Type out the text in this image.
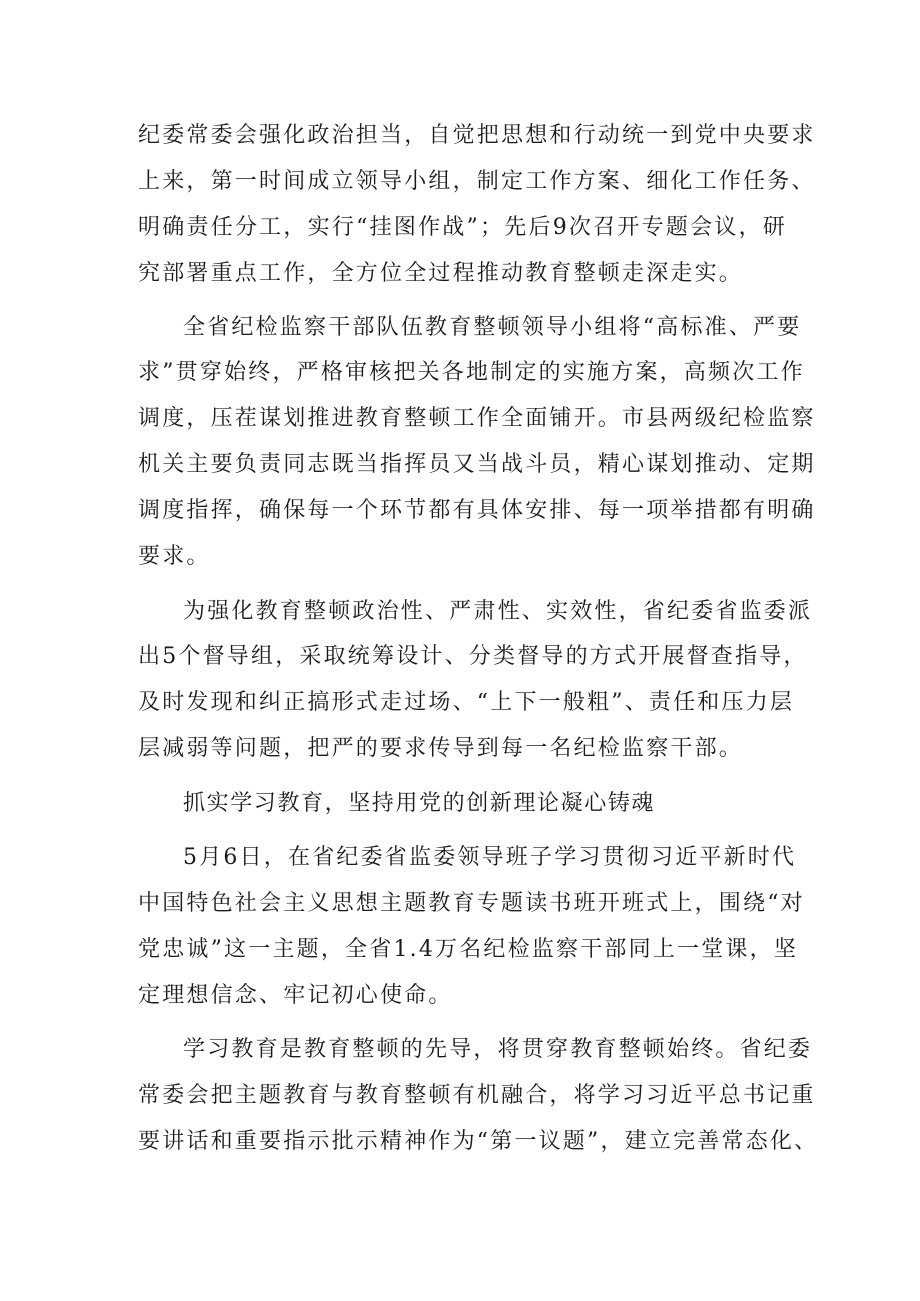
纪委常委会强化政治担当，自觉把思想和行动统一到党中央要求
上来，第一时间成立领导小组，制定工作方案、细化工作任务、
明确责任分工，实行“挂图作战”；先后9次召开专题会议，研
究部署重点工作，全方位全过程推动教育整顿走深走实。
全省纪检监察干部队伍教育整顿领导小组将“高标准、严要
求”贯穿始终，严格审核把关各地制定的实施方案，高频次工作
调度，压茬谋划推进教育整顿工作全面铺开。市县两级纪检监察
机关主要负责同志既当指挥员又当战斗员，精心谋划推动、定期
调度指挥，确保每一个环节都有具体安排、每一项举措都有明确
要求。
为强化教育整顿政治性、严肃性、实效性，省纪委省监委派
出5个督导组，采取统筹设计、分类督导的方式开展督查指导，
及时发现和纠正搞形式走过场、“上下一般粗”、责任和压力层
层减弱等问题，把严的要求传导到每一名纪检监察干部。
抓实学习教育，坚持用党的创新理论凝心铸魂
5月6日，在省纪委省监委领导班子学习贯彻习近平新时代
中国特色社会主义思想主题教育专题读书班开班式上，围绕“对
党忠诚”这一主题，全省1.4万名纪检监察干部同上一堂课，坚
定理想信念、牢记初心使命。
学习教育是教育整顿的先导，将贯穿教育整顿始终。省纪委
常委会把主题教育与教育整顿有机融合，将学习习近平总书记重
要讲话和重要指示批示精神作为“第一议题”，建立完善常态化、
